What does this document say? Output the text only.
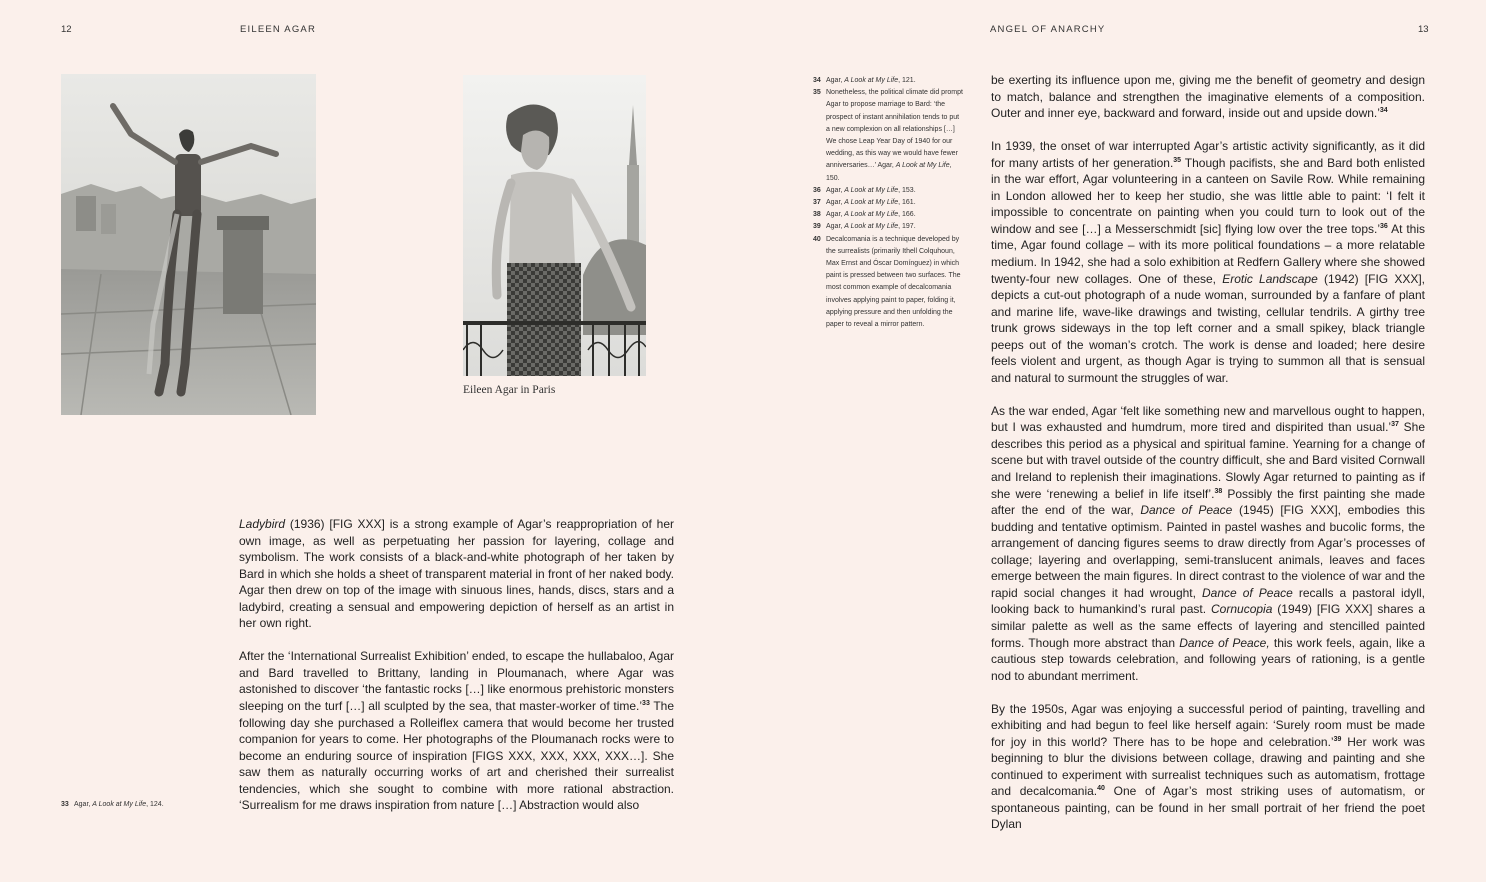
12	EILEEN AGAR
Eileen Agar in Paris

Ladybird (1936) [FIG XXX] is a strong example of Agar’s reappropriation of her own image, as well as perpetuating her passion for layering, collage and symbolism. The work consists of a black-and-white photograph of her taken by Bard in which she holds a sheet of transparent material in front of her naked body. Agar then drew on top of the image with sinuous lines, hands, discs, stars and a ladybird, creating a sensual and empowering depiction of herself as an artist in her own right.

After the ‘International Surrealist Exhibition’ ended, to escape the hullabaloo, Agar and Bard travelled to Brittany, landing in Ploumanach, where Agar was astonished to discover ‘the fantastic rocks […] like enormous prehistoric monsters sleeping on the turf […] all sculpted by the sea, that master-worker of time.’$^{33}$ The following day she purchased a Rolleiflex camera that would become her trusted companion for years to come. Her photographs of the Ploumanach rocks were to become an enduring source of inspiration [FIGS XXX, XXX, XXX, XXX…]. She saw them as naturally occurring works of art and cherished their surrealist tendencies, which she sought to combine with more rational abstraction. ‘Surrealism for me draws inspiration from nature […] Abstraction would also

33 Agar, A Look at My Life, 124.
ANGEL OF ANARCHY	13
34 Agar, A Look at My Life, 121.
35 Nonetheless, the political climate did prompt Agar to propose marriage to Bard: ‘the prospect of instant annihilation tends to put a new complexion on all relationships […] We chose Leap Year Day of 1940 for our wedding, as this way we would have fewer anniversaries…’ Agar, A Look at My Life, 150.
36 Agar, A Look at My Life, 153.
37 Agar, A Look at My Life, 161.
38 Agar, A Look at My Life, 166.
39 Agar, A Look at My Life, 197.
40 Decalcomania is a technique developed by the surrealists (primarily Ithell Colquhoun, Max Ernst and Óscar Domínguez) in which paint is pressed between two surfaces. The most common example of decalcomania involves applying paint to paper, folding it, applying pressure and then unfolding the paper to reveal a mirror pattern.

be exerting its influence upon me, giving me the benefit of geometry and design to match, balance and strengthen the imaginative elements of a composition. Outer and inner eye, backward and forward, inside out and upside down.’$^{34}$

In 1939, the onset of war interrupted Agar’s artistic activity significantly, as it did for many artists of her generation.$^{35}$ Though pacifists, she and Bard both enlisted in the war effort, Agar volunteering in a canteen on Savile Row. While remaining in London allowed her to keep her studio, she was little able to paint: ‘I felt it impossible to concentrate on painting when you could turn to look out of the window and see […] a Messerschmidt [sic] flying low over the tree tops.’$^{36}$ At this time, Agar found collage – with its more political foundations – a more relatable medium. In 1942, she had a solo exhibition at Redfern Gallery where she showed twenty-four new collages. One of these, Erotic Landscape (1942) [FIG XXX], depicts a cut-out photograph of a nude woman, surrounded by a fanfare of plant and marine life, wave-like drawings and twisting, cellular tendrils. A girthy tree trunk grows sideways in the top left corner and a small spikey, black triangle peeps out of the woman’s crotch. The work is dense and loaded; here desire feels violent and urgent, as though Agar is trying to summon all that is sensual and natural to surmount the struggles of war.

As the war ended, Agar ‘felt like something new and marvellous ought to happen, but I was exhausted and humdrum, more tired and dispirited than usual.’$^{37}$ She describes this period as a physical and spiritual famine. Yearning for a change of scene but with travel outside of the country difficult, she and Bard visited Cornwall and Ireland to replenish their imaginations. Slowly Agar returned to painting as if she were ‘renewing a belief in life itself’.$^{38}$ Possibly the first painting she made after the end of the war, Dance of Peace (1945) [FIG XXX], embodies this budding and tentative optimism. Painted in pastel washes and bucolic forms, the arrangement of dancing figures seems to draw directly from Agar’s processes of collage; layering and overlapping, semi-translucent animals, leaves and faces emerge between the main figures. In direct contrast to the violence of war and the rapid social changes it had wrought, Dance of Peace recalls a pastoral idyll, looking back to humankind’s rural past. Cornucopia (1949) [FIG XXX] shares a similar palette as well as the same effects of layering and stencilled painted forms. Though more abstract than Dance of Peace, this work feels, again, like a cautious step towards celebration, and following years of rationing, is a gentle nod to abundant merriment.

By the 1950s, Agar was enjoying a successful period of painting, travelling and exhibiting and had begun to feel like herself again: ‘Surely room must be made for joy in this world? There has to be hope and celebration.’$^{39}$ Her work was beginning to blur the divisions between collage, drawing and painting and she continued to experiment with surrealist techniques such as automatism, frottage and decalcomania.$^{40}$ One of Agar’s most striking uses of automatism, or spontaneous painting, can be found in her small portrait of her friend the poet Dylan
